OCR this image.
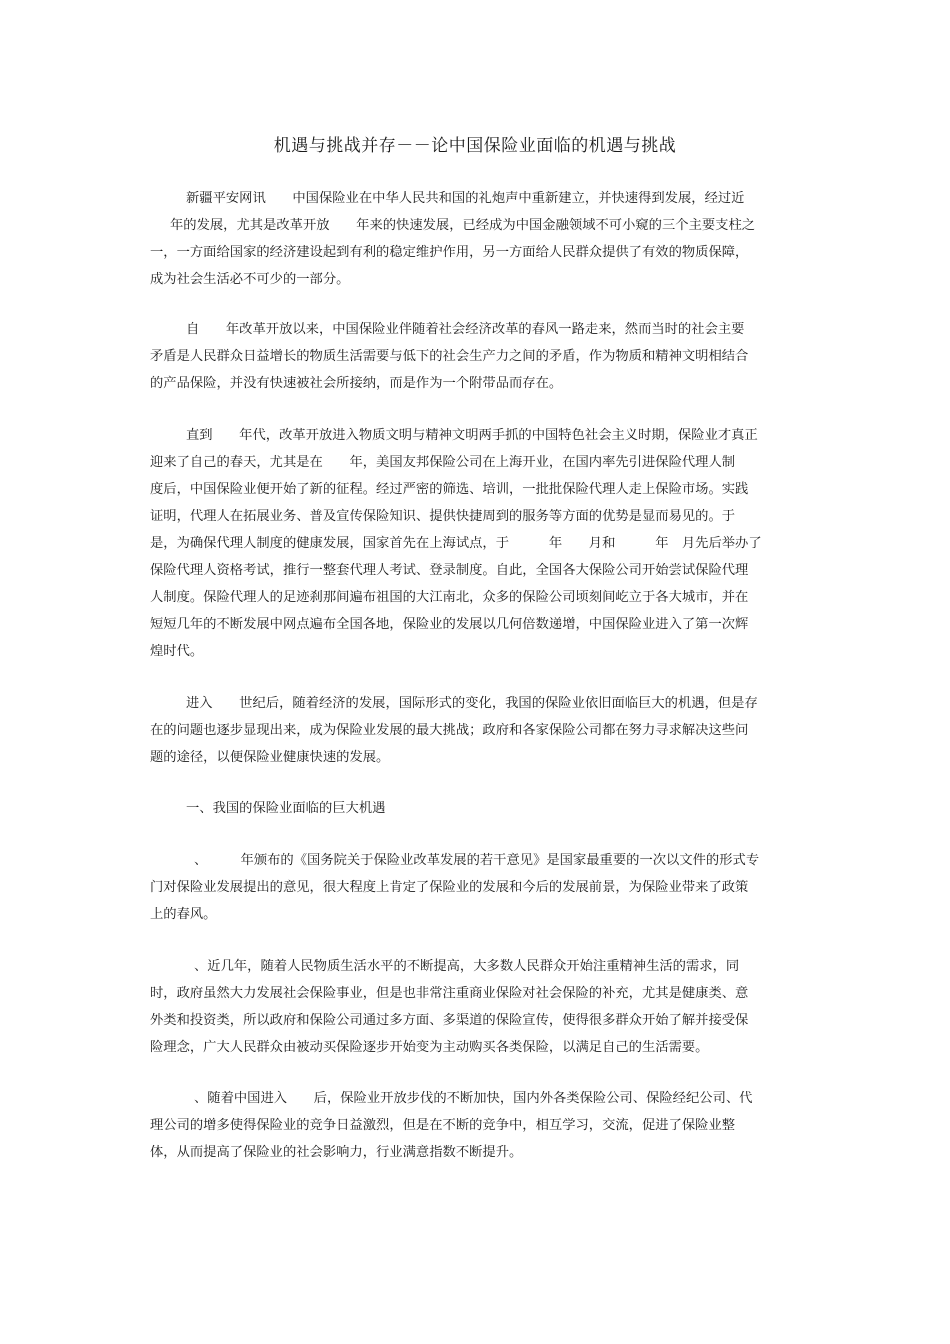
机遇与挑战并存－－论中国保险业面临的机遇与挑战
新疆平安网讯　　中国保险业在中华人民共和国的礼炮声中重新建立，并快速得到发展，经过近
年的发展，尤其是改革开放　　年来的快速发展，已经成为中国金融领域不可小窥的三个主要支柱之
一，一方面给国家的经济建设起到有利的稳定维护作用，另一方面给人民群众提供了有效的物质保障，
成为社会生活必不可少的一部分。
自　　年改革开放以来，中国保险业伴随着社会经济改革的春风一路走来，然而当时的社会主要
矛盾是人民群众日益增长的物质生活需要与低下的社会生产力之间的矛盾，作为物质和精神文明相结合
的产品保险，并没有快速被社会所接纳，而是作为一个附带品而存在。
直到　　年代，改革开放进入物质文明与精神文明两手抓的中国特色社会主义时期，保险业才真正
迎来了自己的春天，尤其是在　　年，美国友邦保险公司在上海开业，在国内率先引进保险代理人制
度后，中国保险业便开始了新的征程。经过严密的筛选、培训，一批批保险代理人走上保险市场。实践
证明，代理人在拓展业务、普及宣传保险知识、提供快捷周到的服务等方面的优势是显而易见的。于
是，为确保代理人制度的健康发展，国家首先在上海试点，于　　　年　　月和　　　年　月先后举办了
保险代理人资格考试，推行一整套代理人考试、登录制度。自此，全国各大保险公司开始尝试保险代理
人制度。保险代理人的足迹刹那间遍布祖国的大江南北，众多的保险公司顷刻间屹立于各大城市，并在
短短几年的不断发展中网点遍布全国各地，保险业的发展以几何倍数递增，中国保险业进入了第一次辉
煌时代。
进入　　世纪后，随着经济的发展，国际形式的变化，我国的保险业依旧面临巨大的机遇，但是存
在的问题也逐步显现出来，成为保险业发展的最大挑战；政府和各家保险公司都在努力寻求解决这些问
题的途径，以便保险业健康快速的发展。
一、我国的保险业面临的巨大机遇
、　　　年颁布的《国务院关于保险业改革发展的若干意见》是国家最重要的一次以文件的形式专
门对保险业发展提出的意见，很大程度上肯定了保险业的发展和今后的发展前景，为保险业带来了政策
上的春风。
、近几年，随着人民物质生活水平的不断提高，大多数人民群众开始注重精神生活的需求，同
时，政府虽然大力发展社会保险事业，但是也非常注重商业保险对社会保险的补充，尤其是健康类、意
外类和投资类，所以政府和保险公司通过多方面、多渠道的保险宣传，使得很多群众开始了解并接受保
险理念，广大人民群众由被动买保险逐步开始变为主动购买各类保险，以满足自己的生活需要。
、随着中国进入　　后，保险业开放步伐的不断加快，国内外各类保险公司、保险经纪公司、代
理公司的增多使得保险业的竞争日益激烈，但是在不断的竞争中，相互学习，交流，促进了保险业整
体，从而提高了保险业的社会影响力，行业满意指数不断提升。
